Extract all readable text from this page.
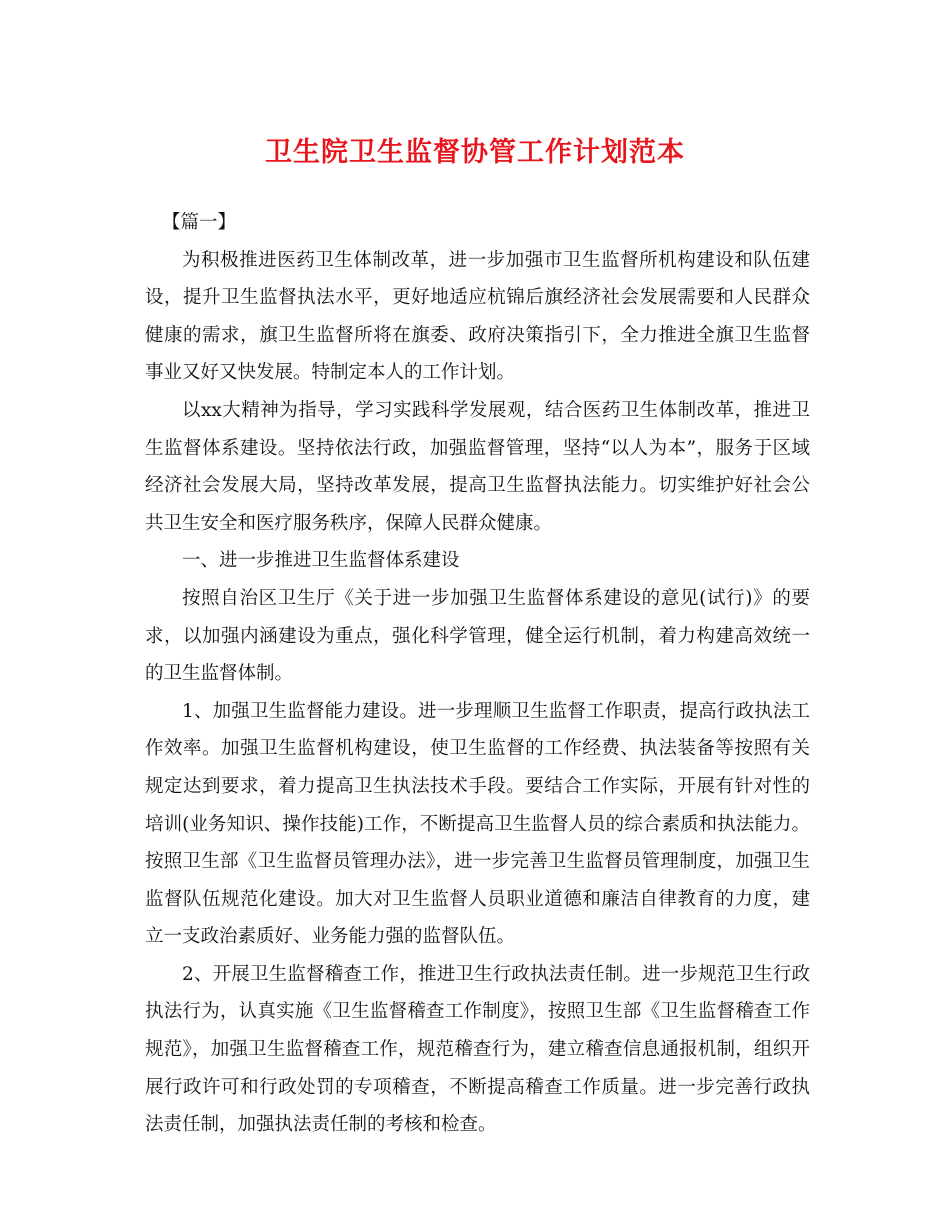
卫生院卫生监督协管工作计划范本

【篇一】

为积极推进医药卫生体制改革，进一步加强市卫生监督所机构建设和队伍建设，提升卫生监督执法水平，更好地适应杭锦后旗经济社会发展需要和人民群众健康的需求，旗卫生监督所将在旗委、政府决策指引下，全力推进全旗卫生监督事业又好又快发展。特制定本人的工作计划。

以xx大精神为指导，学习实践科学发展观，结合医药卫生体制改革，推进卫生监督体系建设。坚持依法行政，加强监督管理，坚持“以人为本”，服务于区域经济社会发展大局，坚持改革发展，提高卫生监督执法能力。切实维护好社会公共卫生安全和医疗服务秩序，保障人民群众健康。

一、进一步推进卫生监督体系建设

按照自治区卫生厅《关于进一步加强卫生监督体系建设的意见(试行)》的要求，以加强内涵建设为重点，强化科学管理，健全运行机制，着力构建高效统一的卫生监督体制。

1、加强卫生监督能力建设。进一步理顺卫生监督工作职责，提高行政执法工作效率。加强卫生监督机构建设，使卫生监督的工作经费、执法装备等按照有关规定达到要求，着力提高卫生执法技术手段。要结合工作实际，开展有针对性的培训(业务知识、操作技能)工作，不断提高卫生监督人员的综合素质和执法能力。按照卫生部《卫生监督员管理办法》，进一步完善卫生监督员管理制度，加强卫生监督队伍规范化建设。加大对卫生监督人员职业道德和廉洁自律教育的力度，建立一支政治素质好、业务能力强的监督队伍。

2、开展卫生监督稽查工作，推进卫生行政执法责任制。进一步规范卫生行政执法行为，认真实施《卫生监督稽查工作制度》，按照卫生部《卫生监督稽查工作规范》，加强卫生监督稽查工作，规范稽查行为，建立稽查信息通报机制，组织开展行政许可和行政处罚的专项稽查，不断提高稽查工作质量。进一步完善行政执法责任制，加强执法责任制的考核和检查。
